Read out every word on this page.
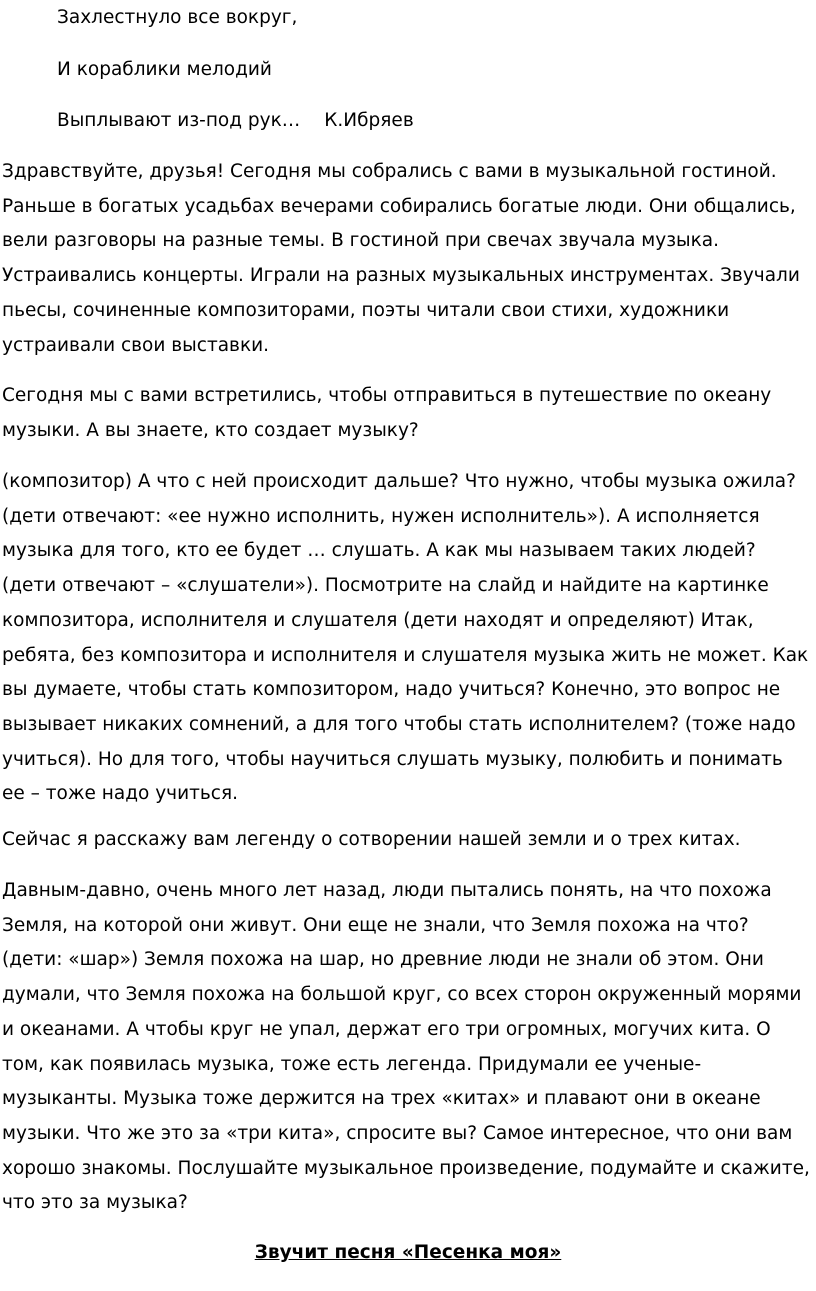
Захлестнуло все вокруг,
И кораблики мелодий
Выплывают из-под рук… К.Ибряев

Здравствуйте, друзья! Сегодня мы собрались с вами в музыкальной гостиной. Раньше в богатых усадьбах вечерами собирались богатые люди. Они общались, вели разговоры на разные темы. В гостиной при свечах звучала музыка. Устраивались концерты. Играли на разных музыкальных инструментах. Звучали пьесы, сочиненные композиторами, поэты читали свои стихи, художники устраивали свои выставки.

Сегодня мы с вами встретились, чтобы отправиться в путешествие по океану музыки. А вы знаете, кто создает музыку?

(композитор) А что с ней происходит дальше? Что нужно, чтобы музыка ожила? (дети отвечают: «ее нужно исполнить, нужен исполнитель»). А исполняется музыка для того, кто ее будет … слушать. А как мы называем таких людей? (дети отвечают – «слушатели»). Посмотрите на слайд и найдите на картинке композитора, исполнителя и слушателя (дети находят и определяют) Итак, ребята, без композитора и исполнителя и слушателя музыка жить не может. Как вы думаете, чтобы стать композитором, надо учиться? Конечно, это вопрос не вызывает никаких сомнений, а для того чтобы стать исполнителем? (тоже надо учиться). Но для того, чтобы научиться слушать музыку, полюбить и понимать ее – тоже надо учиться.

Сейчас я расскажу вам легенду о сотворении нашей земли и о трех китах.

Давным-давно, очень много лет назад, люди пытались понять, на что похожа Земля, на которой они живут. Они еще не знали, что Земля похожа на что? (дети: «шар») Земля похожа на шар, но древние люди не знали об этом. Они думали, что Земля похожа на большой круг, со всех сторон окруженный морями и океанами. А чтобы круг не упал, держат его три огромных, могучих кита. О том, как появилась музыка, тоже есть легенда. Придумали ее ученые-музыканты. Музыка тоже держится на трех «китах» и плавают они в океане музыки. Что же это за «три кита», спросите вы? Самое интересное, что они вам хорошо знакомы. Послушайте музыкальное произведение, подумайте и скажите, что это за музыка?

Звучит песня «Песенка моя»
